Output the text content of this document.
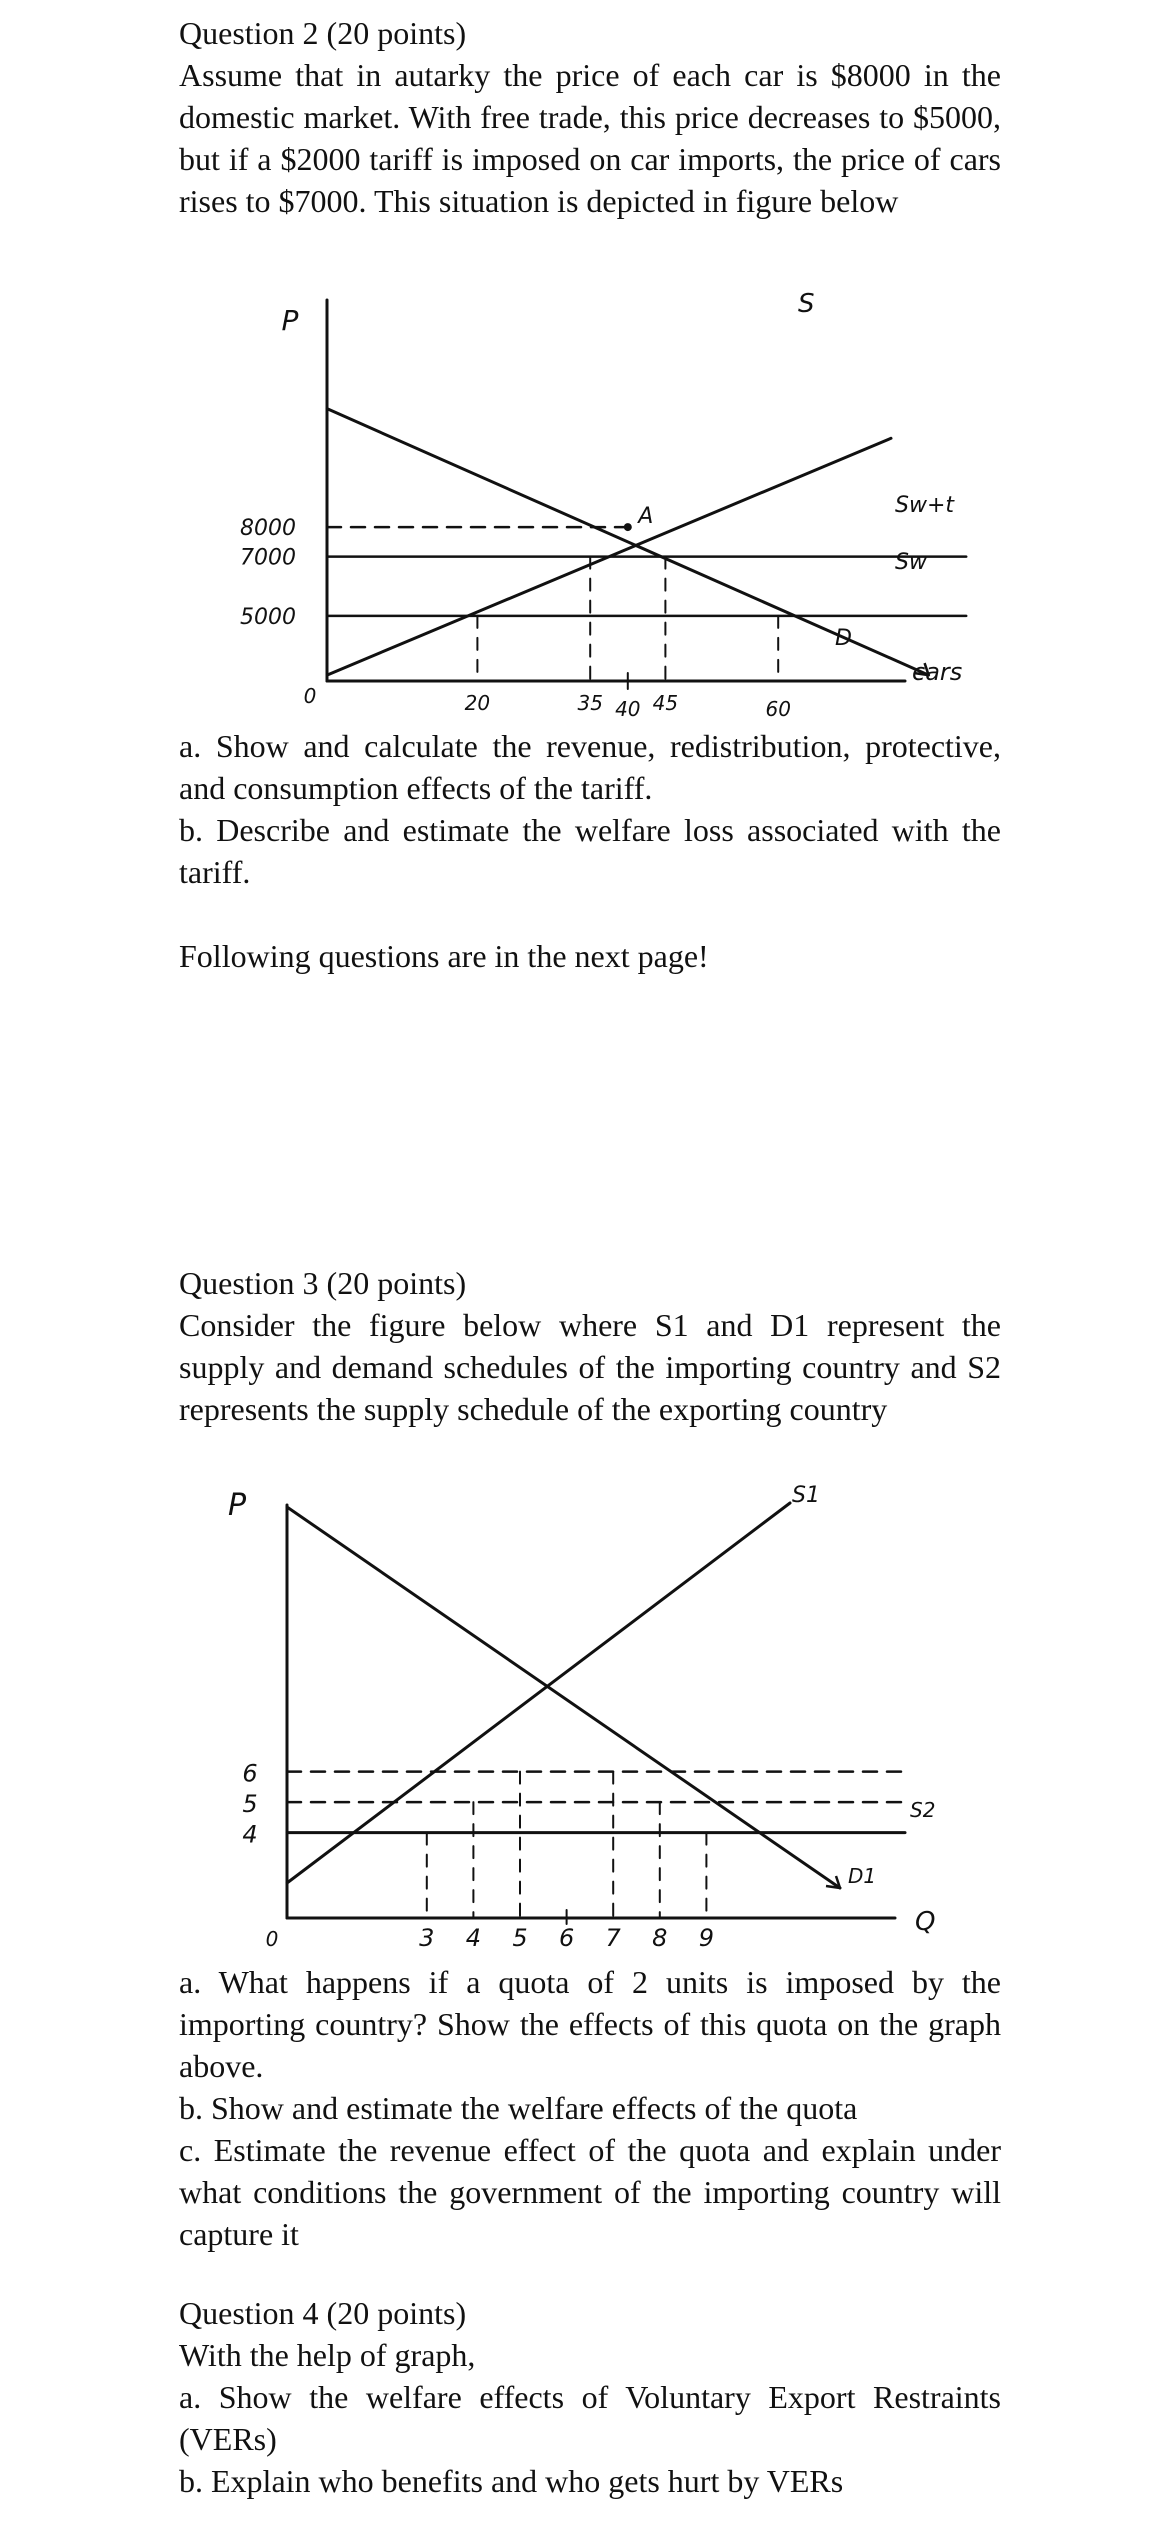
Question 2 (20 points)

Assume that in autarky the price of each car is $8000 in the domestic market. With free trade, this price decreases to $5000, but if a $2000 tariff is imposed on car imports, the price of cars rises to $7000. This situation is depicted in figure below

8000
7000
5000
20	35 40 45	60
P
0
S
D
Sw+t
Sw
cars
A

a. Show and calculate the revenue, redistribution, protective, and consumption effects of the tariff.

b. Describe and estimate the welfare loss associated with the tariff.

Following questions are in the next page!

Question 3 (20 points)

Consider the figure below where S1 and D1 represent the supply and demand schedules of the importing country and S2 represents the supply schedule of the exporting country

6
5
4
3 4 5 6 7 8 9
P
0
S1
D1
S2
Q

a. What happens if a quota of 2 units is imposed by the importing country? Show the effects of this quota on the graph above.

b. Show and estimate the welfare effects of the quota

c. Estimate the revenue effect of the quota and explain under what conditions the government of the importing country will capture it

Question 4 (20 points)

With the help of graph,

a. Show the welfare effects of Voluntary Export Restraints (VERs)

b. Explain who benefits and who gets hurt by VERs
